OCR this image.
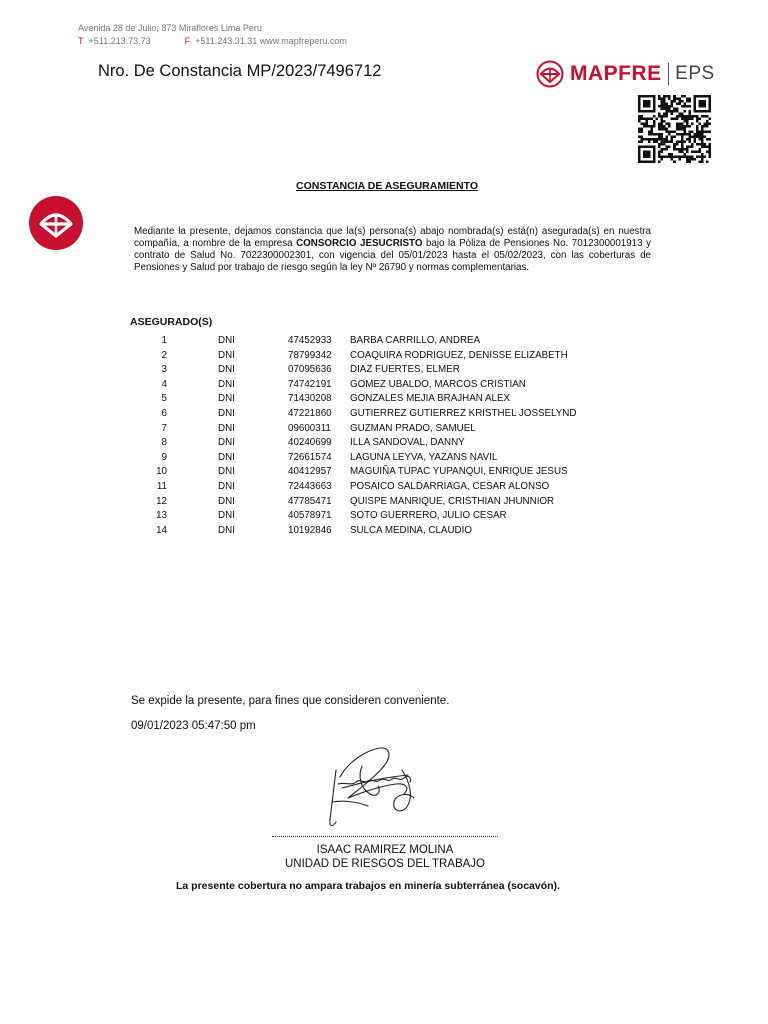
Avenida 28 de Julio, 873 Miraflores Lima Peru
T +511.213.73.73	F +511.243.31.31 www.mapfreperu.com
Nro. De Constancia MP/2023/7496712	MAPFRE EPS
CONSTANCIA DE ASEGURAMIENTO
Mediante la presente, dejamos constancia que la(s) persona(s) abajo nombrada(s) está(n) asegurada(s) en nuestra compañía, a nombre de la empresa CONSORCIO JESUCRISTO bajo la Póliza de Pensiones No. 7012300001913 y contrato de Salud No. 7022300002301, con vigencia del 05/01/2023 hasta el 05/02/2023, con las coberturas de Pensiones y Salud por trabajo de riesgo según la ley Nº 26790 y normas complementarias.
ASEGURADO(S)
1	DNI	47452933 BARBA CARRILLO, ANDREA
2	DNI	78799342 COAQUIRA RODRIGUEZ, DENISSE ELIZABETH
3	DNI	07095636 DIAZ FUERTES, ELMER
4	DNI	74742191 GOMEZ UBALDO, MARCOS CRISTIAN
5	DNI	71430208 GONZALES MEJIA BRAJHAN ALEX
6	DNI	47221860 GUTIERREZ GUTIERREZ KRISTHEL JOSSELYND
7	DNI	09600311 GUZMAN PRADO, SAMUEL
8	DNI	40240699 ILLA SANDOVAL, DANNY
9	DNI	72661574 LAGUNA LEYVA, YAZANS NAVIL
10	DNI	40412957 MAGUIÑA TUPAC YUPANQUI, ENRIQUE JESUS
11	DNI	72443663 POSAICO SALDARRIAGA, CESAR ALONSO
12	DNI	47785471 QUISPE MANRIQUE, CRISTHIAN JHUNNIOR
13	DNI	40578971 SOTO GUERRERO, JULIO CESAR
14	DNI	10192846 SULCA MEDINA, CLAUDIO
Se expide la presente, para fines que consideren conveniente.
09/01/2023 05:47:50 pm
ISAAC RAMIREZ MOLINA
UNIDAD DE RIESGOS DEL TRABAJO
La presente cobertura no ampara trabajos en minería subterránea (socavón).
